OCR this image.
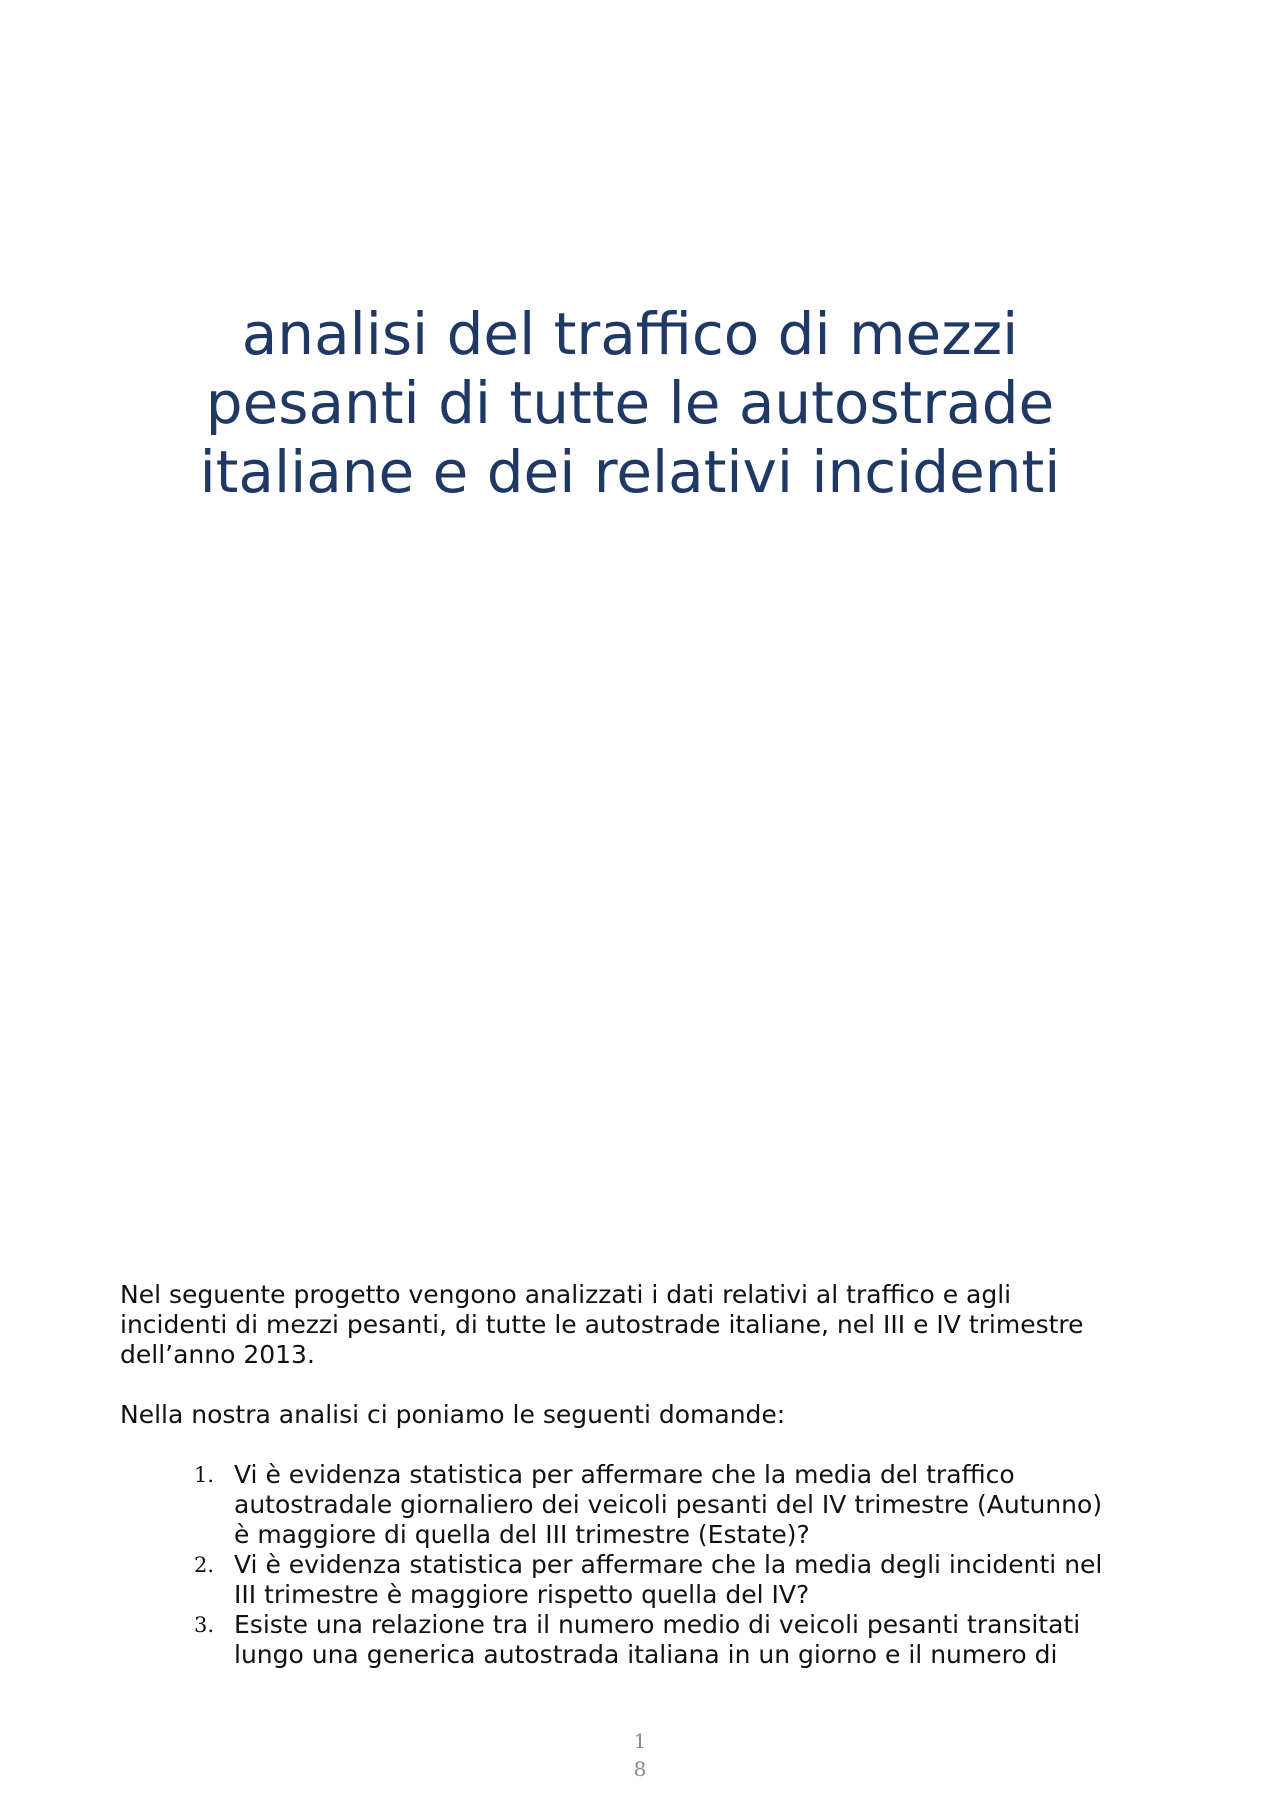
analisi del traffico di mezzi
pesanti di tutte le autostrade
italiane e dei relativi incidenti

Nel seguente progetto vengono analizzati i dati relativi al traffico e agli
incidenti di mezzi pesanti, di tutte le autostrade italiane, nel III e IV trimestre
dell’anno 2013.

Nella nostra analisi ci poniamo le seguenti domande:

1. Vi è evidenza statistica per affermare che la media del traffico
autostradale giornaliero dei veicoli pesanti del IV trimestre (Autunno)
è maggiore di quella del III trimestre (Estate)?
2. Vi è evidenza statistica per affermare che la media degli incidenti nel
III trimestre è maggiore rispetto quella del IV?
3. Esiste una relazione tra il numero medio di veicoli pesanti transitati
lungo una generica autostrada italiana in un giorno e il numero di
1
8
